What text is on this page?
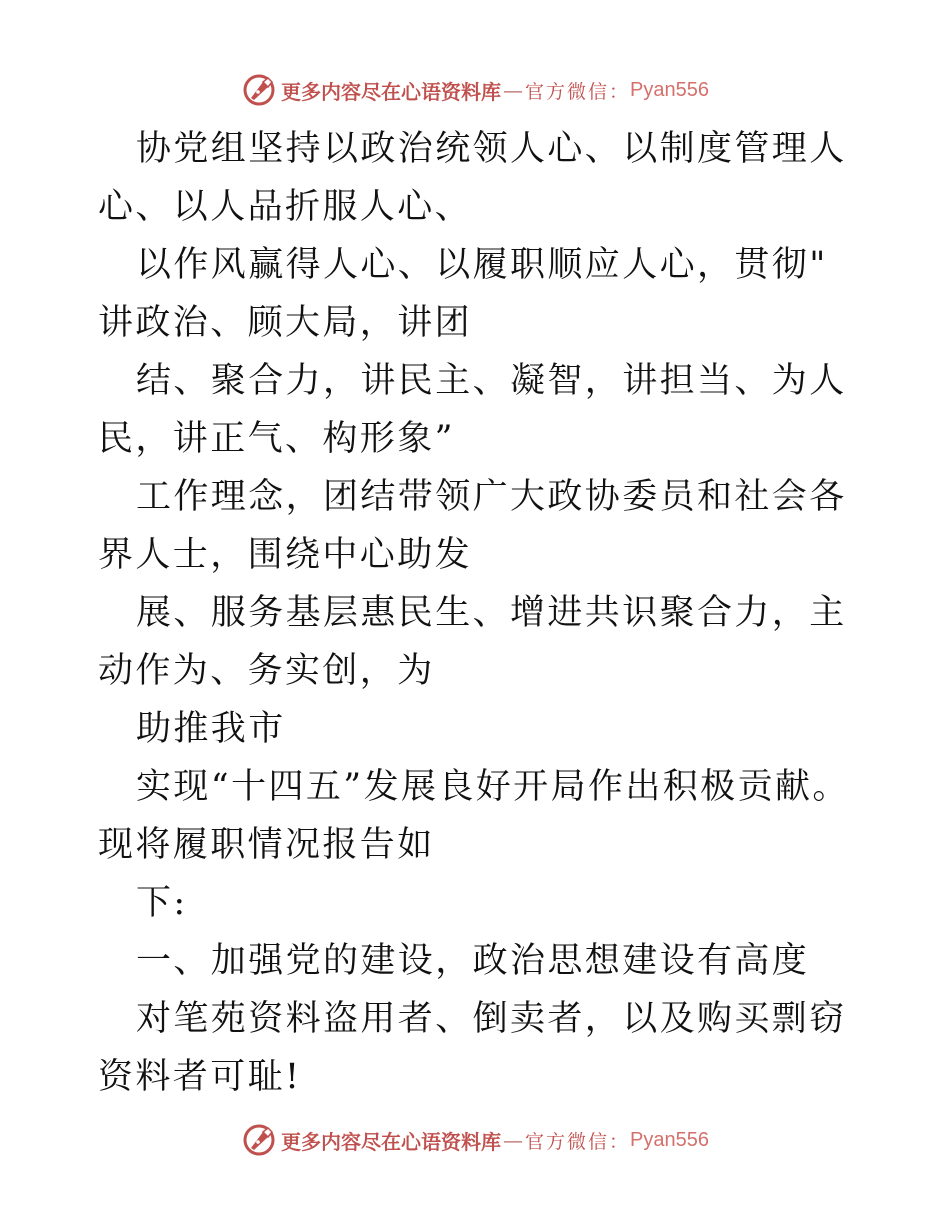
更多内容尽在心语资料库 — 官方微信： Pyan556

协党组坚持以政治统领人心、以制度管理人心、以人品折服人心、

以作风赢得人心、以履职顺应人心，贯彻" 讲政治、顾大局，讲团

结、聚合力，讲民主、凝智，讲担当、为人民，讲正气、构形象”

工作理念，团结带领广大政协委员和社会各界人士，围绕中心助发

展、服务基层惠民生、增进共识聚合力，主动作为、务实创，为

助推我市

实现“十四五”发展良好开局作出积极贡献。现将履职情况报告如

下:

一、加强党的建设，政治思想建设有高度

对笔苑资料盗用者、倒卖者，以及购买剽窃资料者可耻!

更多内容尽在心语资料库 — 官方微信： Pyan556
